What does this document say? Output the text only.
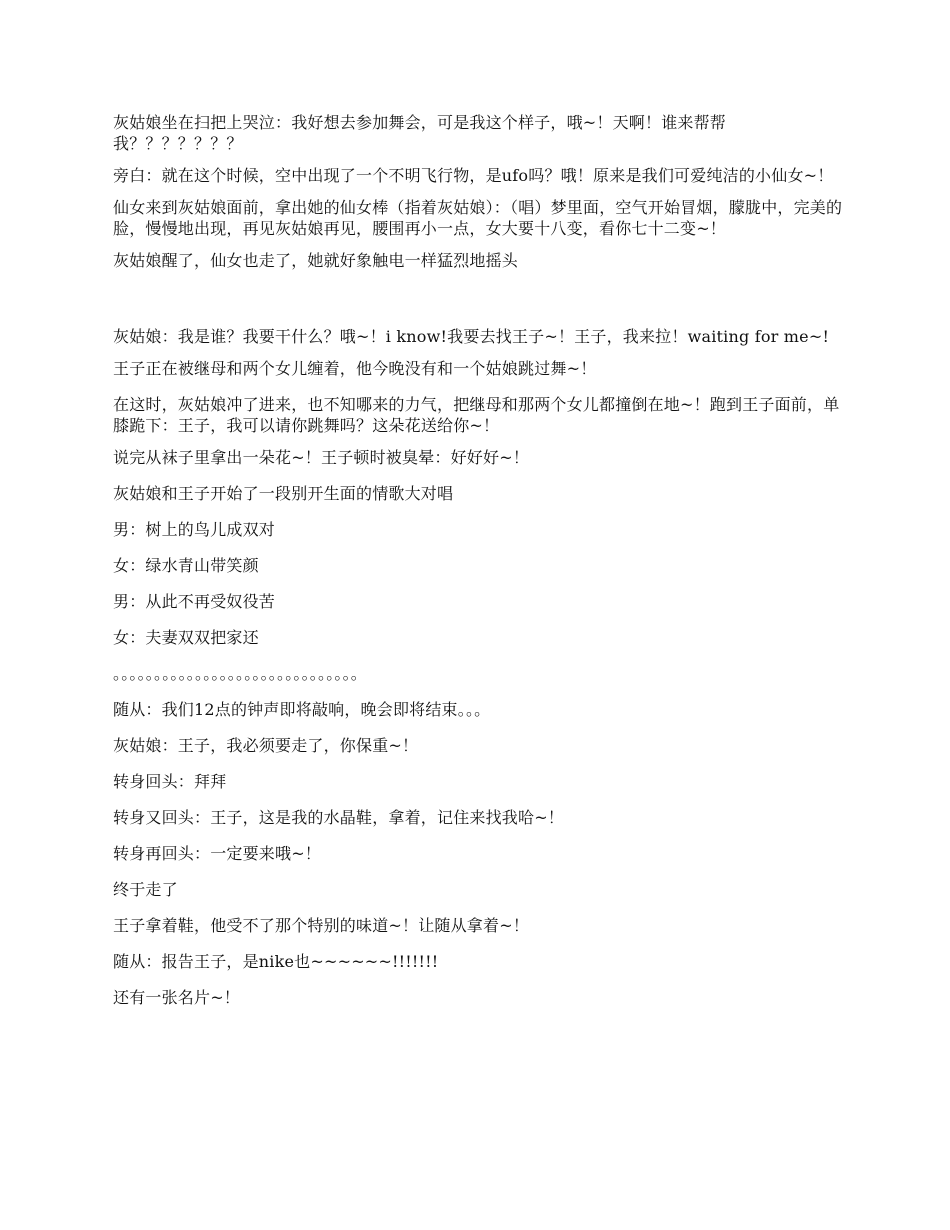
灰姑娘坐在扫把上哭泣：我好想去参加舞会，可是我这个样子，哦~！天啊！谁来帮帮我？？？？？？？

旁白：就在这个时候，空中出现了一个不明飞行物，是ufo吗？哦！原来是我们可爱纯洁的小仙女~！

仙女来到灰姑娘面前，拿出她的仙女棒（指着灰姑娘）：（唱）梦里面，空气开始冒烟，朦胧中，完美的脸，慢慢地出现，再见灰姑娘再见，腰围再小一点，女大要十八变，看你七十二变~！

灰姑娘醒了，仙女也走了，她就好象触电一样猛烈地摇头

灰姑娘：我是谁？我要干什么？哦~！i know!我要去找王子~！王子，我来拉！waiting for me~!

王子正在被继母和两个女儿缠着，他今晚没有和一个姑娘跳过舞~！

在这时，灰姑娘冲了进来，也不知哪来的力气，把继母和那两个女儿都撞倒在地~！跑到王子面前，单膝跪下：王子，我可以请你跳舞吗？这朵花送给你~！

说完从袜子里拿出一朵花~！王子顿时被臭晕：好好好~！

灰姑娘和王子开始了一段别开生面的情歌大对唱

男：树上的鸟儿成双对

女：绿水青山带笑颜

男：从此不再受奴役苦

女：夫妻双双把家还

。。。。。。。。。。。。。。。。。。。。。。。。。。。。。。

随从：我们12点的钟声即将敲响，晚会即将结束。。。

灰姑娘：王子，我必须要走了，你保重~！

转身回头：拜拜

转身又回头：王子，这是我的水晶鞋，拿着，记住来找我哈~！

转身再回头：一定要来哦~！

终于走了

王子拿着鞋，他受不了那个特别的味道~！让随从拿着~！

随从：报告王子，是nike也~~~~~~!!!!!!!

还有一张名片~！
